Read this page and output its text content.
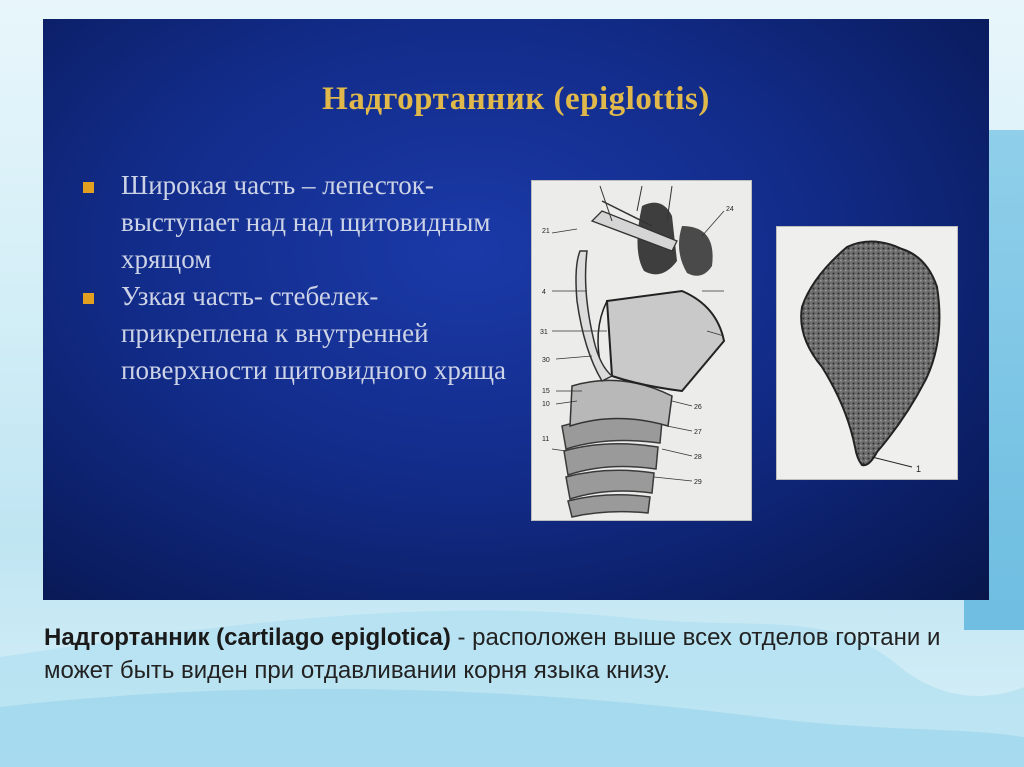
Надгортанник (epiglottis)
Широкая часть – лепесток- выступает над над щитовидным хрящом
Узкая часть- стебелек- прикреплена к внутренней поверхности щитовидного хряща
21
24
4
31
30
15
10	26
27
28
29
11
1
Надгортанник (cartilago epiglotica) - расположен выше всех отделов гортани и может быть виден при отдавливании корня языка книзу.
